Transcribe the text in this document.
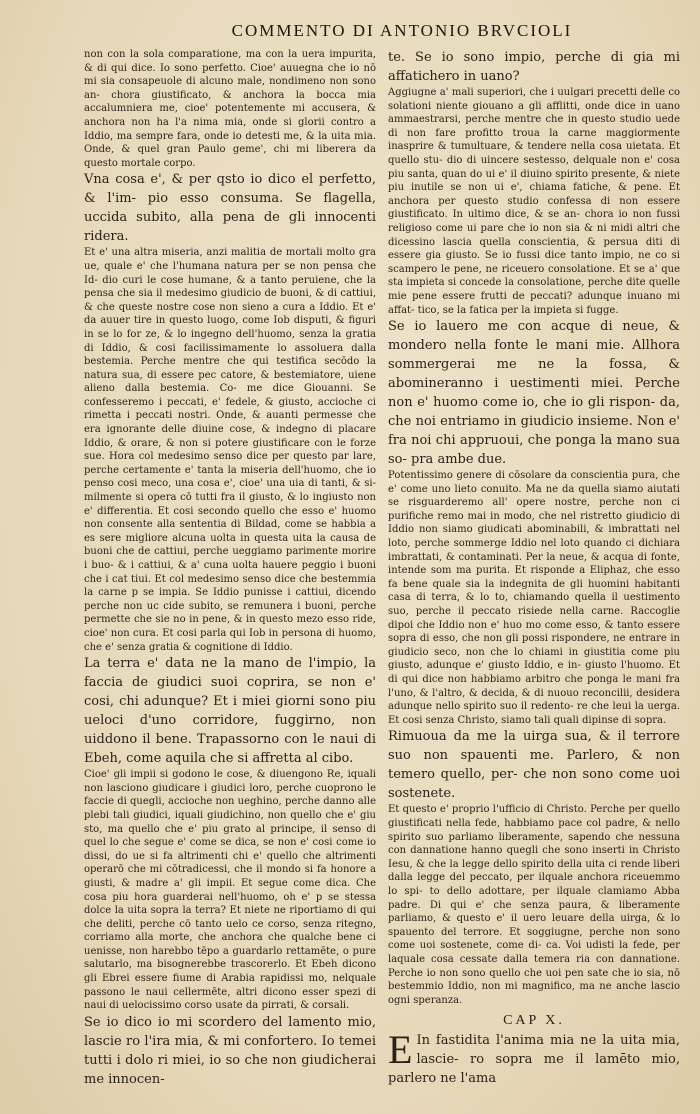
COMMENTO DI ANTONIO BRVCIOLI

non con la sola comparatione, ma con la uera impurita, & di qui dice. Io sono perfetto. Cioe' auuegna che io nō mi sia consapeuole di alcuno male, nondimeno non sono an- chora giustificato, & anchora la bocca mia accalumniera me, cioe' potentemente mi accusera, & anchora non ha l'a nima mia, onde si glorii contro a Iddio, ma sempre fara, onde io detesti me, & la uita mia. Onde, & quel gran Paulo geme', chi mi liberera da questo mortale corpo.

Vna cosa e', & per qsto io dico el perfetto, & l'im- pio esso consuma. Se flagella, uccida subito, alla pena de gli innocenti ridera.

Et e' una altra miseria, anzi malitia de mortali molto gra ue, quale e' che l'humana natura per se non pensa che Id- dio curi le cose humane, & a tanto peruiene, che la pensa che sia il medesimo giudicio de buoni, & di cattiui, & che queste nostre cose non sieno a cura a Iddio. Et e' da auuer tire in questo luogo, come Iob disputi, & figuri in se lo for ze, & lo ingegno dell'huomo, senza la gratia di Iddio, & cosi facilissimamente lo assoluera dalla bestemia. Perche mentre che qui testifica secōdo la natura sua, di essere pec catore, & bestemiatore, uiene alieno dalla bestemia. Co- me dice Giouanni. Se confesseremo i peccati, e' fedele, & giusto, accioche ci rimetta i peccati nostri. Onde, & auanti permesse che era ignorante delle diuine cose, & indegno di placare Iddio, & orare, & non si potere giustificare con le forze sue. Hora col medesimo senso dice per questo par lare, perche certamente e' tanta la miseria dell'huomo, che io penso cosi meco, una cosa e', cioe' una uia di tanti, & si- milmente si opera cō tutti fra il giusto, & lo ingiusto non e' differentia. Et cosi secondo quello che esso e' huomo non consente alla sententia di Bildad, come se habbia a es sere migliore alcuna uolta in questa uita la causa de buoni che de cattiui, perche ueggiamo parimente morire i buo- & i cattiui, & a' cuna uolta hauere peggio i buoni che i cat tiui. Et col medesimo senso dice che bestemmia la carne p se impia. Se Iddio punisse i cattiui, dicendo perche non uc cide subito, se remunera i buoni, perche permette che sie no in pene, & in questo mezo esso ride, cioe' non cura. Et cosi parla qui Iob in persona di huomo, che e' senza gratia & cognitione di Iddio.

La terra e' data ne la mano de l'impio, la faccia de giudici suoi coprira, se non e' cosi, chi adunque? Et i miei giorni sono piu ueloci d'uno corridore, fuggirno, non uiddono il bene. Trapassorno con le naui di Ebeh, come aquila che si affretta al cibo.

Cioe' gli impii si godono le cose, & diuengono Re, iquali non lasciono giudicare i giudici loro, perche cuoprono le faccie di quegli, accioche non ueghino, perche danno alle plebi tali giudici, iquali giudichino, non quello che e' giu sto, ma quello che e' piu grato al principe, il senso di quel lo che segue e' come se dica, se non e' cosi come io dissi, do ue si fa altrimenti chi e' quello che altrimenti operarō che mi cōtradicessi, che il mondo si fa honore a giusti, & madre a' gli impii. Et segue come dica. Che cosa piu hora guarderai nell'huomo, oh e' p se stessa dolce la uita sopra la terra? Et niete ne riportiamo di qui che deliti, perche cō tanto uelo ce corso, senza ritegno, corriamo alla morte, che anchora che qualche bene ci uenisse, non harebbo tēpo a guardarlo rettamēte, o pure salutarlo, ma bisognerebbe trascorerlo. Et Ebeh dicono gli Ebrei essere fiume di Arabia rapidissi mo, nelquale passono le naui cellermēte, altri dicono esser spezi di naui di uelocissimo corso usate da pirrati, & corsali.

Se io dico io mi scordero del lamento mio, lascie ro l'ira mia, & mi confortero. Io temei tutti i dolo ri miei, io so che non giudicherai me innocen-

te. Se io sono impio, perche di gia mi affatichero in uano?

Aggiugne a' mali superiori, che i uulgari precetti delle co solationi niente giouano a gli afflitti, onde dice in uano ammaestrarsi, perche mentre che in questo studio uede di non fare profitto troua la carne maggiormente inasprire & tumultuare, & tendere nella cosa uietata. Et quello stu- dio di uincere sestesso, delquale non e' cosa piu santa, quan do ui e' il diuino spirito presente, & niete piu inutile se non ui e', chiama fatiche, & pene. Et anchora per questo studio confessa di non essere giustificato. In ultimo dice, & se an- chora io non fussi religioso come ui pare che io non sia & ni midi altri che dicessino lascia quella conscientia, & persua diti di essere gia giusto. Se io fussi dice tanto impio, ne co si scampero le pene, ne riceuero consolatione. Et se a' que sta impieta si concede la consolatione, perche dite quelle mie pene essere frutti de peccati? adunque inuano mi affat- tico, se la fatica per la impieta si fugge.

Se io lauero me con acque di neue, & mondero nella fonte le mani mie. Allhora sommergerai me ne la fossa, & abomineranno i uestimenti miei. Perche non e' huomo come io, che io gli rispon- da, che noi entriamo in giudicio insieme. Non e' fra noi chi appruoui, che ponga la mano sua so- pra ambe due.

Potentissimo genere di cōsolare da conscientia pura, che e' come uno lieto conuito. Ma ne da quella siamo aiutati se risguarderemo all' opere nostre, perche non ci purifiche remo mai in modo, che nel ristretto giudicio di Iddio non siamo giudicati abominabili, & imbrattati nel loto, perche sommerge Iddio nel loto quando ci dichiara imbrattati, & contaminati. Per la neue, & acqua di fonte, intende som ma purita. Et risponde a Eliphaz, che esso fa bene quale sia la indegnita de gli huomini habitanti casa di terra, & lo to, chiamando quella il uestimento suo, perche il peccato risiede nella carne. Raccoglie dipoi che Iddio non e' huo mo come esso, & tanto essere sopra di esso, che non gli possi rispondere, ne entrare in giudicio seco, non che lo chiami in giustitia come piu giusto, adunque e' giusto Iddio, e in- giusto l'huomo. Et di qui dice non habbiamo arbitro che ponga le mani fra l'uno, & l'altro, & decida, & di nuouo reconcilii, desidera adunque nello spirito suo il redento- re che leui la uerga. Et cosi senza Christo, siamo tali quali dipinse di sopra.

Rimuoua da me la uirga sua, & il terrore suo non spauenti me. Parlero, & non temero quello, per- che non sono come uoi sostenete.

Et questo e' proprio l'ufficio di Christo. Perche per quello giustificati nella fede, habbiamo pace col padre, & nello spirito suo parliamo liberamente, sapendo che nessuna con dannatione hanno quegli che sono inserti in Christo Iesu, & che la legge dello spirito della uita ci rende liberi dalla legge del peccato, per ilquale anchora riceuemmo lo spi- to dello adottare, per ilquale clamiamo Abba padre. Di qui e' che senza paura, & liberamente parliamo, & questo e' il uero leuare della uirga, & lo spauento del terrore. Et soggiugne, perche non sono come uoi sostenete, come di- ca. Voi udisti la fede, per laquale cosa cessate dalla temera ria con dannatione. Perche io non sono quello che uoi pen sate che io sia, nō bestemmio Iddio, non mi magnifico, ma ne anche lascio ogni speranza.

CAP X.

E In fastidita l'anima mia ne la uita mia, lascie- ro sopra me il lamēto mio, parlero ne l'ama
